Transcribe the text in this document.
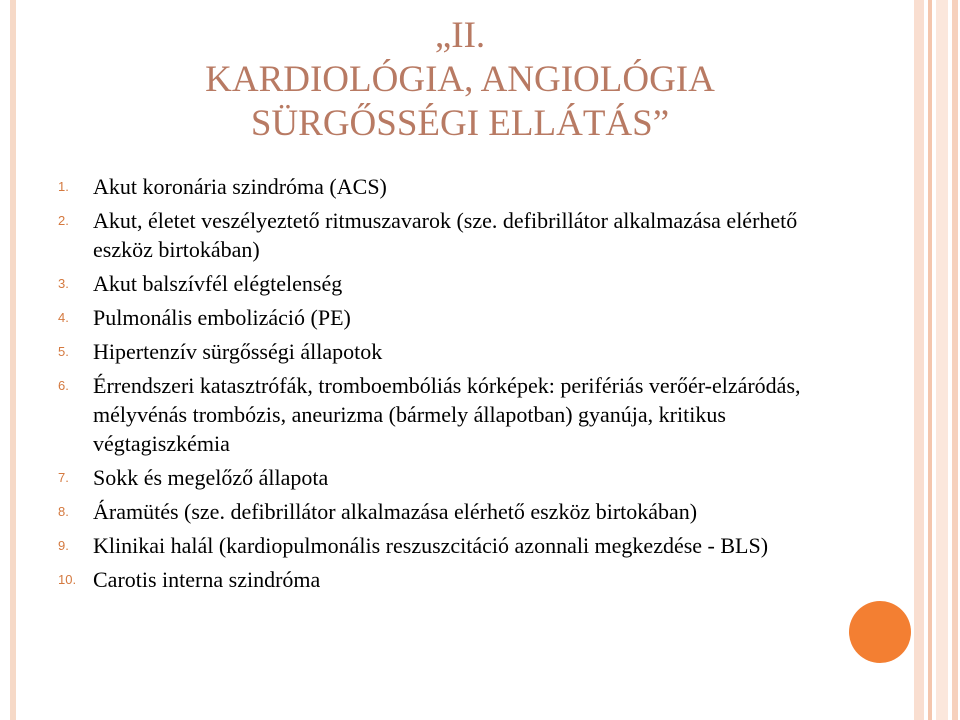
„II.
KARDIOLÓGIA, ANGIOLÓGIA
SÜRGŐSSÉGI ELLÁTÁS”
1.	Akut koronária szindróma (ACS)
2.	Akut, életet veszélyeztető ritmuszavarok (sze. defibrillátor alkalmazása elérhető eszköz birtokában)
3.	Akut balszívfél elégtelenség
4.	Pulmonális embolizáció (PE)
5.	Hipertenzív sürgősségi állapotok
6.	Érrendszeri katasztrófák, tromboembóliás kórképek: perifériás verőér-elzáródás, mélyvénás trombózis, aneurizma (bármely állapotban) gyanúja, kritikus végtagiszkémia
7.	Sokk és megelőző állapota
8.	Áramütés (sze. defibrillátor alkalmazása elérhető eszköz birtokában)
9.	Klinikai halál (kardiopulmonális reszuszcitáció azonnali megkezdése - BLS)
10. Carotis interna szindróma
